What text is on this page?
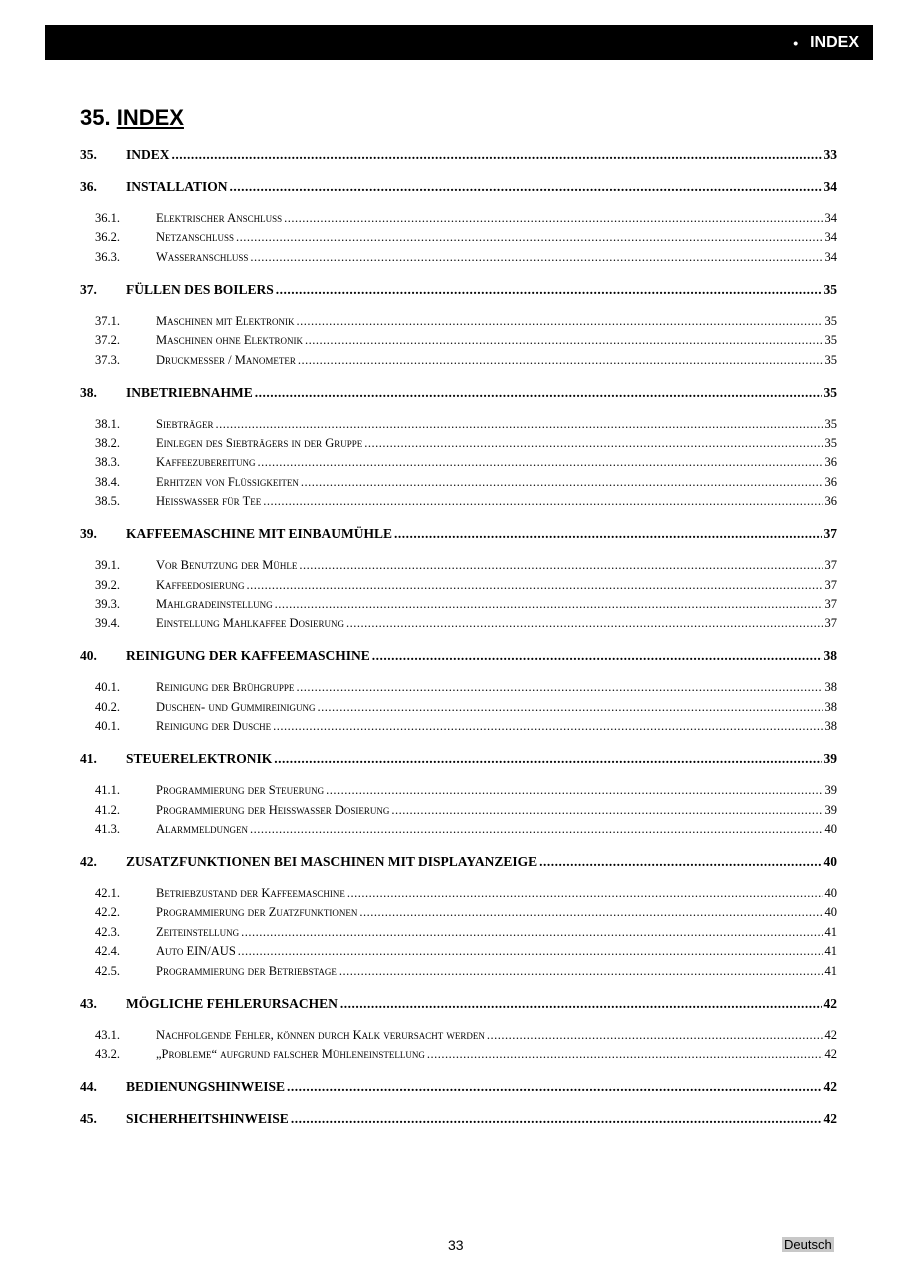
• INDEX
35. INDEX
35.	INDEX .....	33
36.	INSTALLATION .....	34
36.1.	Elektrischer Anschluss .....	34
36.2.	Netzanschluss .....	34
36.3.	Wasseranschluß .....	34
37.	FÜLLEN DES BOILERS .....	35
37.1.	Maschinen mit Elektronik .....	35
37.2.	Maschinen ohne Elektronik .....	35
37.3.	Druckmesser / Manometer .....	35
38.	INBETRIEBNAHME .....	35
38.1.	Siebträger .....	35
38.2.	Einlegen des Siebträgers in der Gruppe .....	35
38.3.	Kaffeezubereitung .....	36
38.4.	Erhitzen von Flüssigkeiten .....	36
38.5.	Heißwasser für Tee .....	36
39.	KAFFEEMASCHINE MIT EINBAUMÜHLE .....	37
39.1.	Vor Benutzung der Mühle .....	37
39.2.	Kaffeedosierung .....	37
39.3.	Mahlgradeinstellung .....	37
39.4.	Einstellung Mahlkaffee Dosierung .....	37
40.	REINIGUNG DER KAFFEEMASCHINE .....	38
40.1.	Reinigung der Brühgruppe .....	38
40.2.	Duschen- und Gummireinigung .....	38
40.1.	Reinigung der Dusche .....	38
41.	STEUERELEKTRONIK .....	39
41.1.	Programmierung der Steuerung .....	39
41.2.	Programmierung der Heisswasser Dosierung .....	39
41.3.	Alarmmeldungen .....	40
42.	ZUSATZFUNKTIONEN BEI MASCHINEN MIT DISPLAYANZEIGE .....	40
42.1.	Betriebzustand der Kaffeemaschine .....	40
42.2.	Programmierung der Zuatzfunktionen .....	40
42.3.	Zeiteinstellung .....	41
42.4.	Auto EIN/AUS .....	41
42.5.	Programmierung der Betriebstage .....	41
43.	MÖGLICHE FEHLERURSACHEN .....	42
43.1.	Nachfolgende Fehler, können durch Kalk verursacht werden .....	42
43.2.	„Probleme“ aufgrund falscher Mühleneinstellung .....	42
44.	BEDIENUNGSHINWEISE .....	42
45.	SICHERHEITSHINWEISE .....	42
33	Deutsch
